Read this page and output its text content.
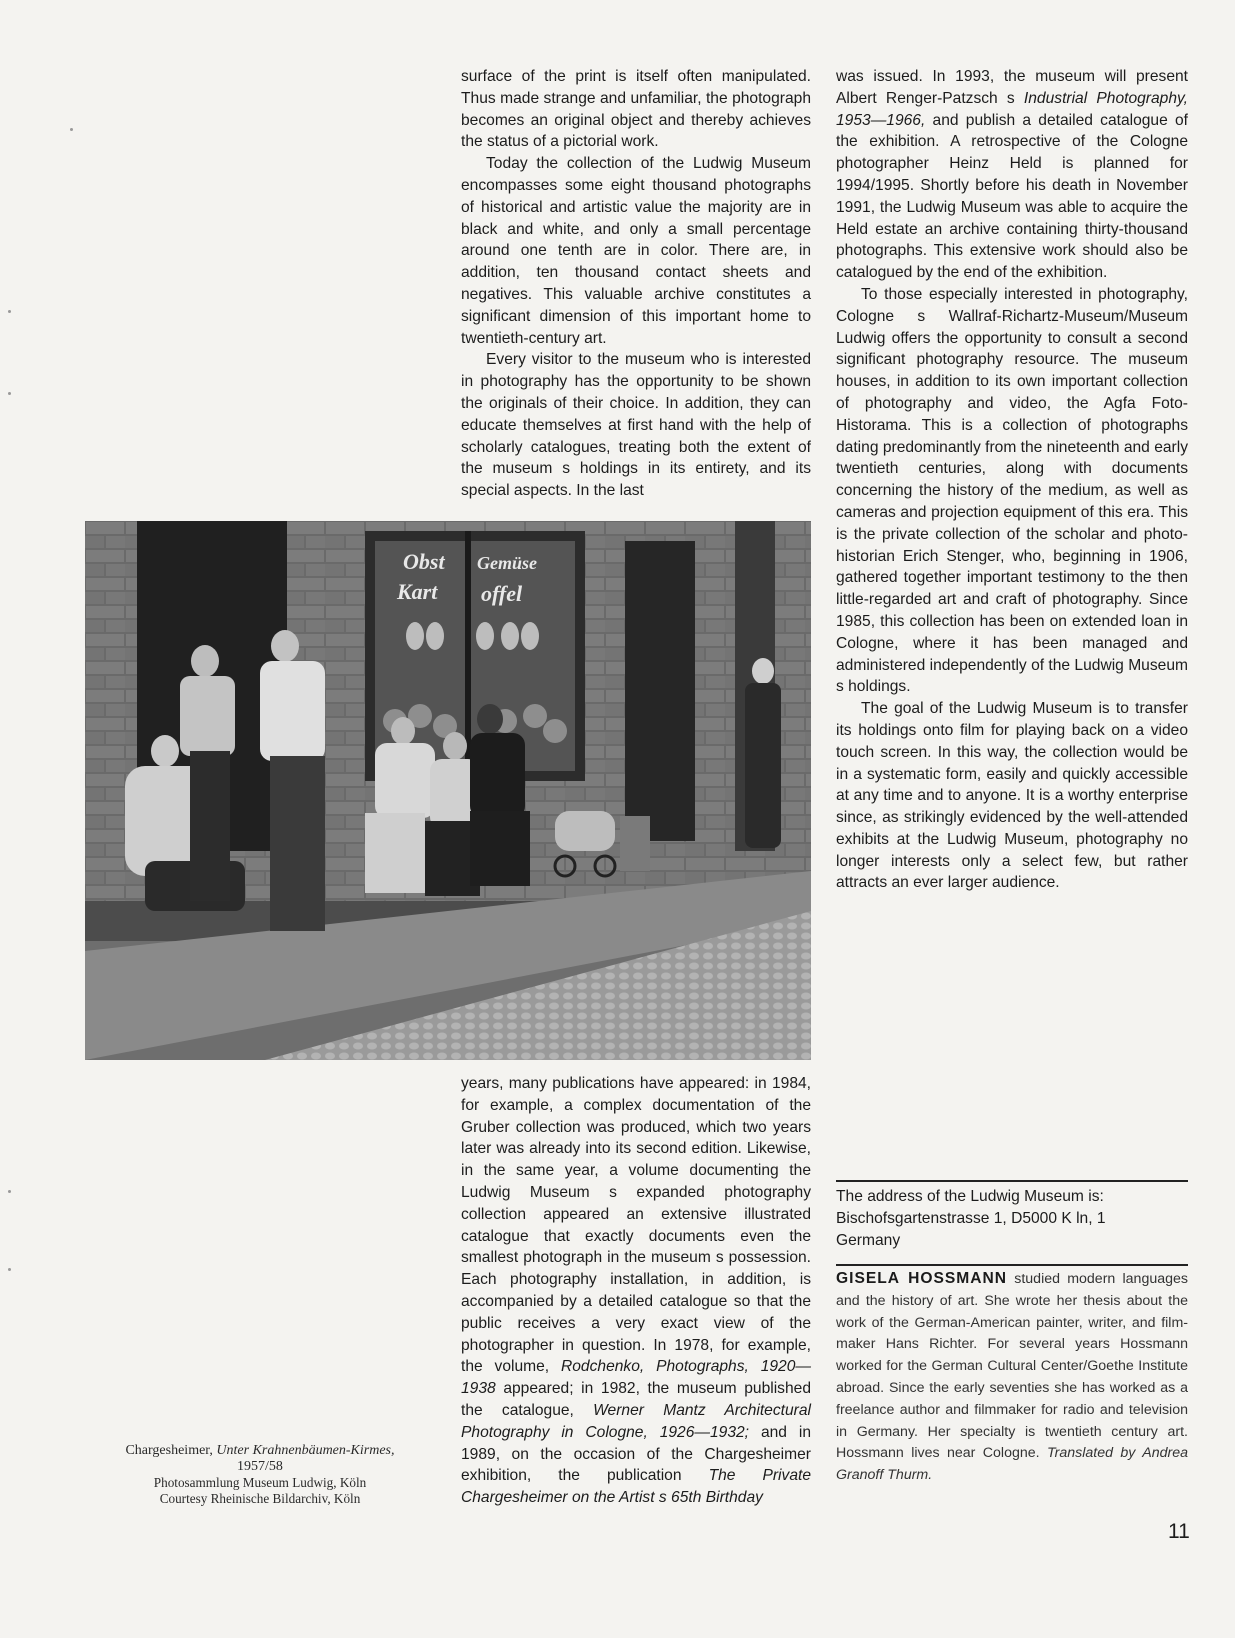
surface of the print is itself often manipulated. Thus made strange and unfamiliar, the photograph becomes an original object and thereby achieves the status of a pictorial work.

Today the collection of the Ludwig Museum encompasses some eight thousand photographs of historical and artistic value the majority are in black and white, and only a small percentage around one tenth are in color. There are, in addition, ten thousand contact sheets and negatives. This valuable archive constitutes a significant dimension of this important home to twentieth-century art.

Every visitor to the museum who is interested in photography has the opportunity to be shown the originals of their choice. In addition, they can educate themselves at first hand with the help of scholarly catalogues, treating both the extent of the museum s holdings in its entirety, and its special aspects. In the last

Obst
Kart
Gemüse
offel

years, many publications have appeared: in 1984, for example, a complex documentation of the Gruber collection was produced, which two years later was already into its second edition. Likewise, in the same year, a volume documenting the Ludwig Museum s expanded photography collection appeared an extensive illustrated catalogue that exactly documents even the smallest photograph in the museum s possession. Each photography installation, in addition, is accompanied by a detailed catalogue so that the public receives a very exact view of the photographer in question. In 1978, for example, the volume, Rodchenko, Photographs, 1920—1938 appeared; in 1982, the museum published the catalogue, Werner Mantz Architectural Photography in Cologne, 1926—1932; and in 1989, on the occasion of the Chargesheimer exhibition, the publication The Private Chargesheimer on the Artist s 65th Birthday

was issued. In 1993, the museum will present Albert Renger-Patzsch s Industrial Photography, 1953—1966, and publish a detailed catalogue of the exhibition. A retrospective of the Cologne photographer Heinz Held is planned for 1994/1995. Shortly before his death in November 1991, the Ludwig Museum was able to acquire the Held estate an archive containing thirty-thousand photographs. This extensive work should also be catalogued by the end of the exhibition.

To those especially interested in photography, Cologne s Wallraf-Richartz-Museum/Museum Ludwig offers the opportunity to consult a second significant photography resource. The museum houses, in addition to its own important collection of photography and video, the Agfa Foto-Historama. This is a collection of photographs dating predominantly from the nineteenth and early twentieth centuries, along with documents concerning the history of the medium, as well as cameras and projection equipment of this era. This is the private collection of the scholar and photo-historian Erich Stenger, who, beginning in 1906, gathered together important testimony to the then little-regarded art and craft of photography. Since 1985, this collection has been on extended loan in Cologne, where it has been managed and administered independently of the Ludwig Museum s holdings.

The goal of the Ludwig Museum is to transfer its holdings onto film for playing back on a video touch screen. In this way, the collection would be in a systematic form, easily and quickly accessible at any time and to anyone. It is a worthy enterprise since, as strikingly evidenced by the well-attended exhibits at the Ludwig Museum, photography no longer interests only a select few, but rather attracts an ever larger audience.

The address of the Ludwig Museum is:
Bischofsgartenstrasse 1, D5000 K ln, 1
Germany
GISELA HOSSMANN studied modern languages and the history of art. She wrote her thesis about the work of the German-American painter, writer, and film-maker Hans Richter. For several years Hossmann worked for the German Cultural Center/Goethe Institute abroad. Since the early seventies she has worked as a freelance author and filmmaker for radio and television in Germany. Her specialty is twentieth century art. Hossmann lives near Cologne. Translated by Andrea Granoff Thurm.
Chargesheimer, Unter Krahnenbäumen-Kirmes,
1957/58
Photosammlung Museum Ludwig, Köln
Courtesy Rheinische Bildarchiv, Köln
11
